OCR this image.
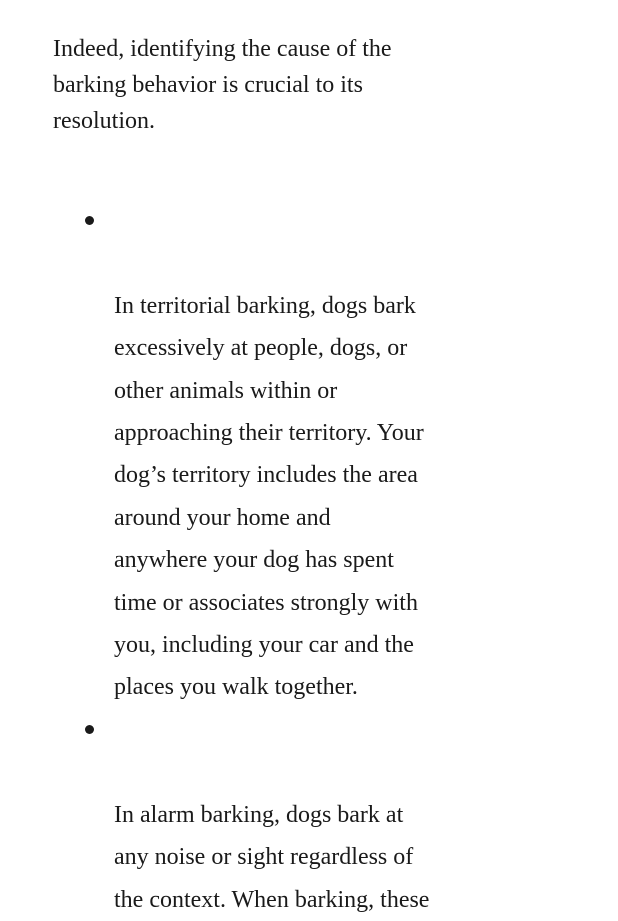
Indeed, identifying the cause of the
barking behavior is crucial to its
resolution.

In territorial barking, dogs bark
excessively at people, dogs, or
other animals within or
approaching their territory. Your
dog’s territory includes the area
around your home and
anywhere your dog has spent
time or associates strongly with
you, including your car and the
places you walk together.

In alarm barking, dogs bark at
any noise or sight regardless of
the context. When barking, these
